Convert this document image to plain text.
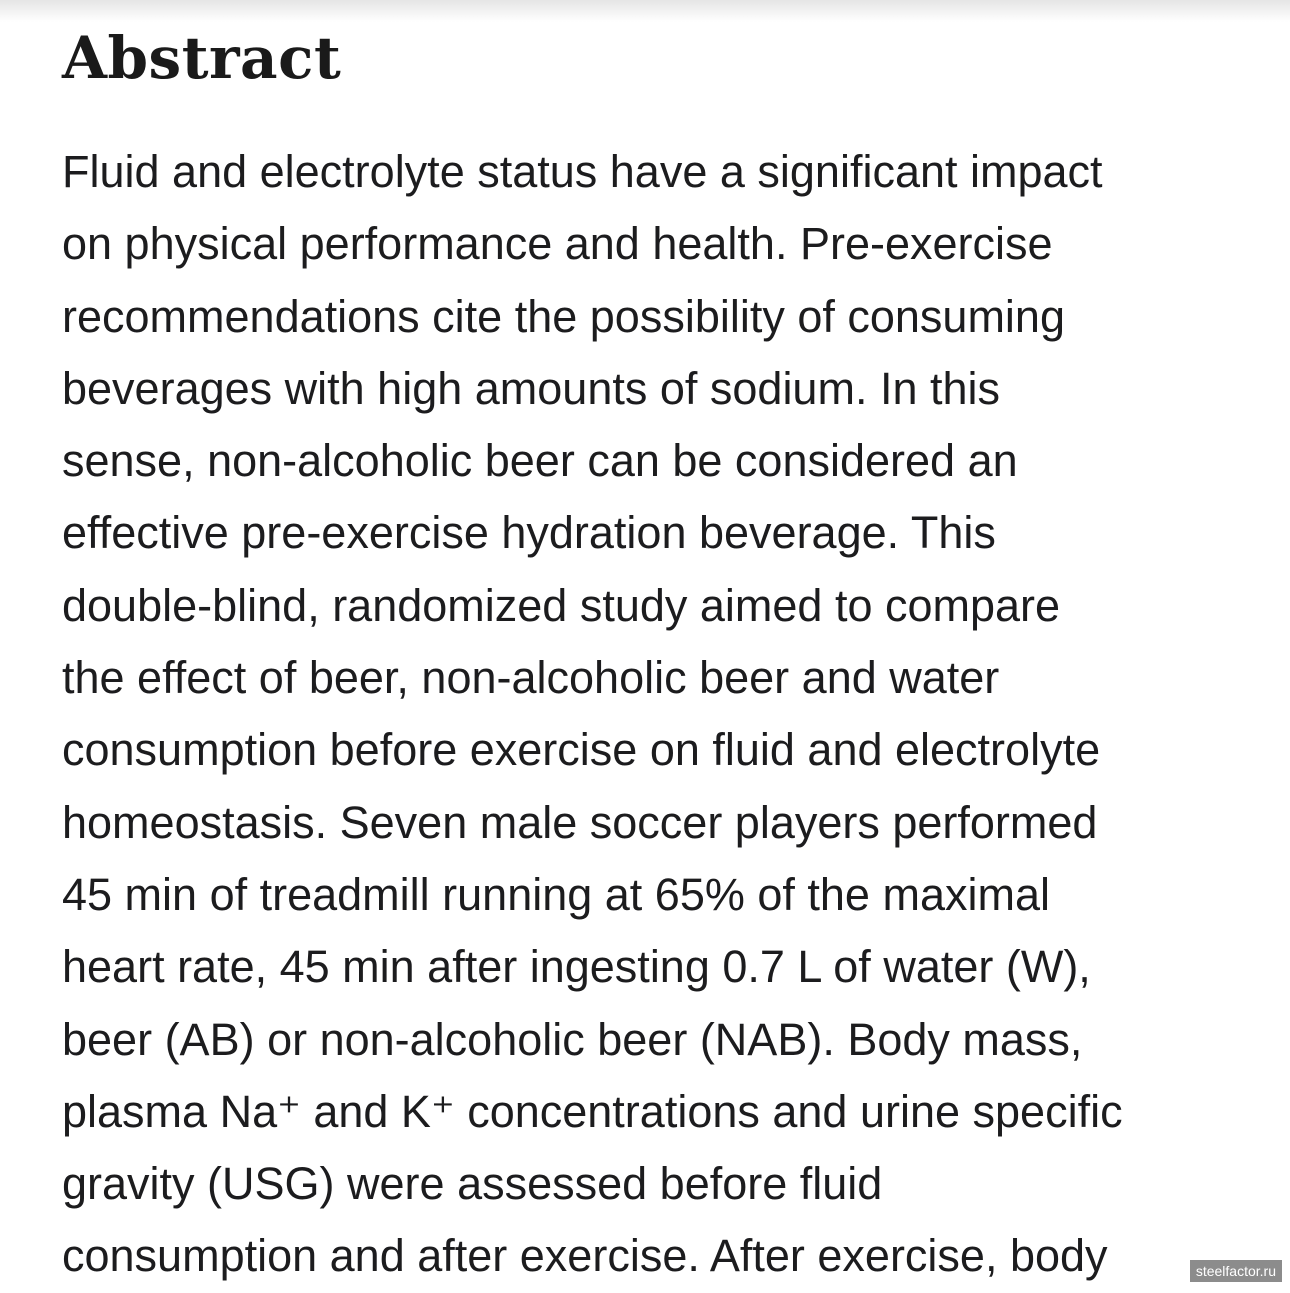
Abstract
Fluid and electrolyte status have a significant impact
on physical performance and health. Pre-exercise
recommendations cite the possibility of consuming
beverages with high amounts of sodium. In this
sense, non-alcoholic beer can be considered an
effective pre-exercise hydration beverage. This
double-blind, randomized study aimed to compare
the effect of beer, non-alcoholic beer and water
consumption before exercise on fluid and electrolyte
homeostasis. Seven male soccer players performed
45 min of treadmill running at 65% of the maximal
heart rate, 45 min after ingesting 0.7 L of water (W),
beer (AB) or non-alcoholic beer (NAB). Body mass,
plasma Na⁺ and K⁺ concentrations and urine specific
gravity (USG) were assessed before fluid
consumption and after exercise. After exercise, body	steelfactor.ru
